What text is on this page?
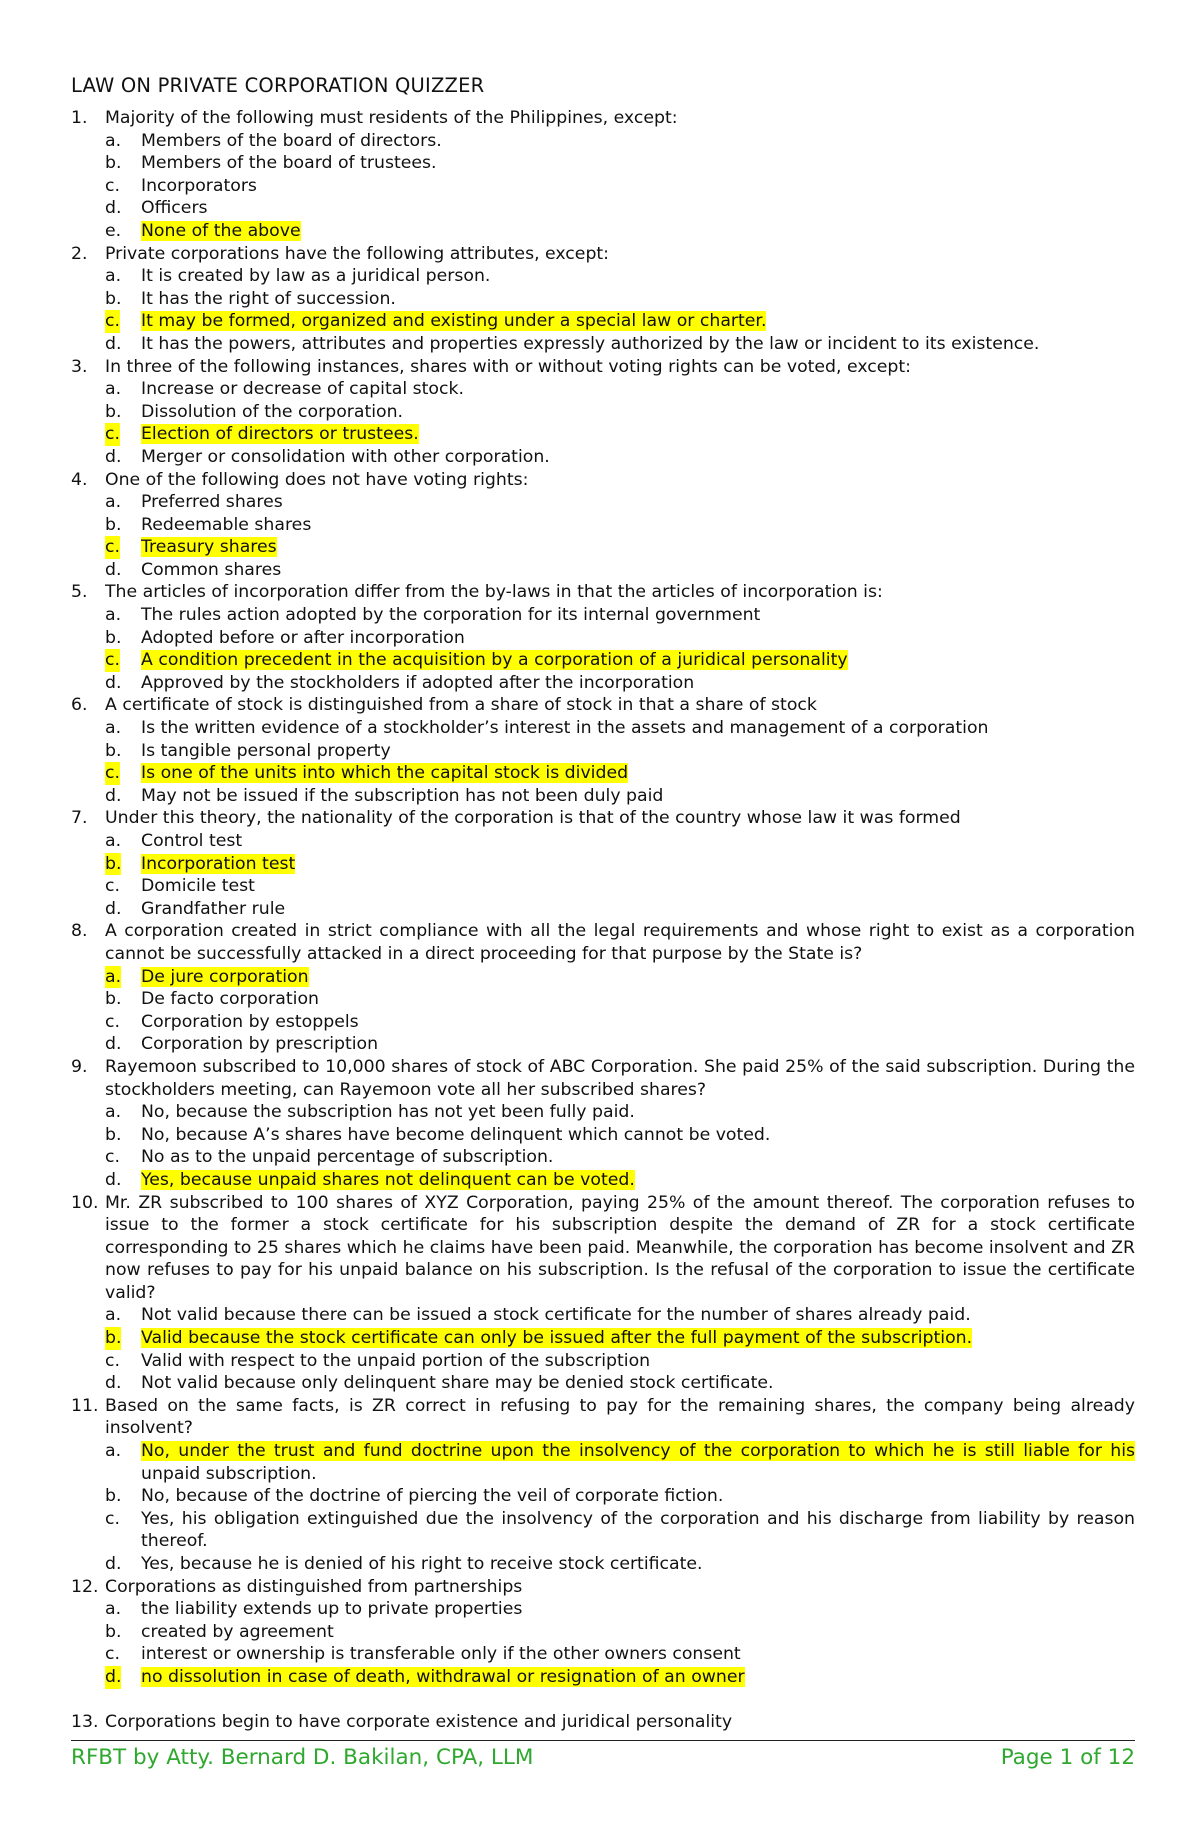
LAW ON PRIVATE CORPORATION QUIZZER
1. Majority of the following must residents of the Philippines, except:
a. Members of the board of directors.
b. Members of the board of trustees.
c. Incorporators
d. Officers
e. None of the above
2. Private corporations have the following attributes, except:
a. It is created by law as a juridical person.
b. It has the right of succession.
c. It may be formed, organized and existing under a special law or charter.
d. It has the powers, attributes and properties expressly authorized by the law or incident to its existence.
3. In three of the following instances, shares with or without voting rights can be voted, except:
a. Increase or decrease of capital stock.
b. Dissolution of the corporation.
c. Election of directors or trustees.
d. Merger or consolidation with other corporation.
4. One of the following does not have voting rights:
a. Preferred shares
b. Redeemable shares
c. Treasury shares
d. Common shares
5. The articles of incorporation differ from the by-laws in that the articles of incorporation is:
a. The rules action adopted by the corporation for its internal government
b. Adopted before or after incorporation
c. A condition precedent in the acquisition by a corporation of a juridical personality
d. Approved by the stockholders if adopted after the incorporation
6. A certificate of stock is distinguished from a share of stock in that a share of stock
a. Is the written evidence of a stockholder’s interest in the assets and management of a corporation
b. Is tangible personal property
c. Is one of the units into which the capital stock is divided
d. May not be issued if the subscription has not been duly paid
7. Under this theory, the nationality of the corporation is that of the country whose law it was formed
a. Control test
b. Incorporation test
c. Domicile test
d. Grandfather rule
8. A corporation created in strict compliance with all the legal requirements and whose right to exist as a corporation cannot be successfully attacked in a direct proceeding for that purpose by the State is?
a. De jure corporation
b. De facto corporation
c. Corporation by estoppels
d. Corporation by prescription
9. Rayemoon subscribed to 10,000 shares of stock of ABC Corporation. She paid 25% of the said subscription. During the stockholders meeting, can Rayemoon vote all her subscribed shares?
a. No, because the subscription has not yet been fully paid.
b. No, because A’s shares have become delinquent which cannot be voted.
c. No as to the unpaid percentage of subscription.
d. Yes, because unpaid shares not delinquent can be voted.
10. Mr. ZR subscribed to 100 shares of XYZ Corporation, paying 25% of the amount thereof. The corporation refuses to issue to the former a stock certificate for his subscription despite the demand of ZR for a stock certificate corresponding to 25 shares which he claims have been paid. Meanwhile, the corporation has become insolvent and ZR now refuses to pay for his unpaid balance on his subscription. Is the refusal of the corporation to issue the certificate valid?
a. Not valid because there can be issued a stock certificate for the number of shares already paid.
b. Valid because the stock certificate can only be issued after the full payment of the subscription.
c. Valid with respect to the unpaid portion of the subscription
d. Not valid because only delinquent share may be denied stock certificate.
11. Based on the same facts, is ZR correct in refusing to pay for the remaining shares, the company being already insolvent?
a. No, under the trust and fund doctrine upon the insolvency of the corporation to which he is still liable for his unpaid subscription.
b. No, because of the doctrine of piercing the veil of corporate fiction.
c. Yes, his obligation extinguished due the insolvency of the corporation and his discharge from liability by reason thereof.
d. Yes, because he is denied of his right to receive stock certificate.
12. Corporations as distinguished from partnerships
a. the liability extends up to private properties
b. created by agreement
c. interest or ownership is transferable only if the other owners consent
d. no dissolution in case of death, withdrawal or resignation of an owner
13. Corporations begin to have corporate existence and juridical personality
RFBT by Atty. Bernard D. Bakilan, CPA, LLM	Page 1 of 12
